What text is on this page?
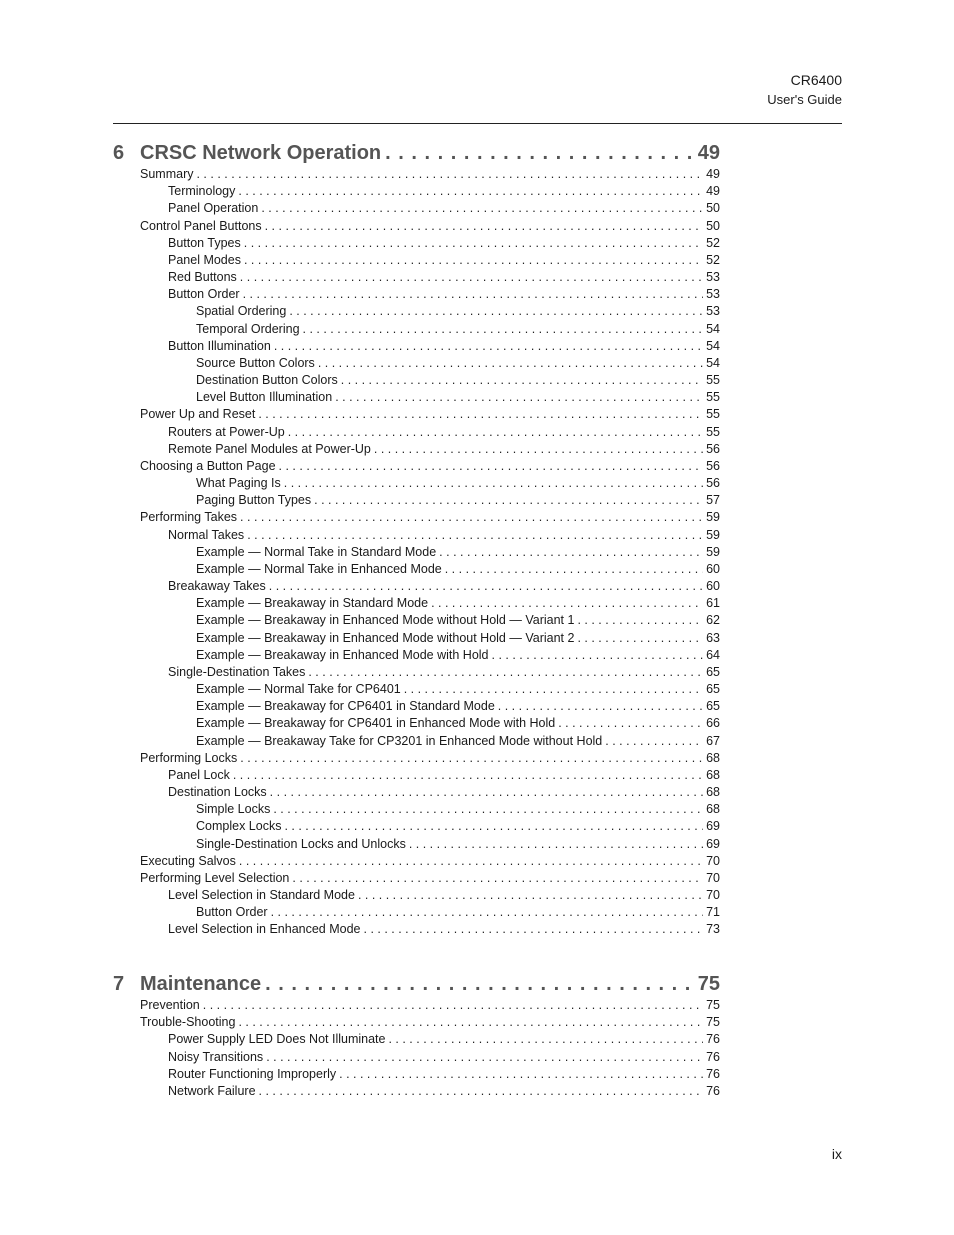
CR6400
User's Guide
6 CRSC Network Operation . . .	49
Summary . . .	49
Terminology . . .	49
Panel Operation . . .	50
Control Panel Buttons . . .	50
Button Types . . .	52
Panel Modes . . .	52
Red Buttons . . .	53
Button Order . . .	53
Spatial Ordering . . .	53
Temporal Ordering . . .	54
Button Illumination . . .	54
Source Button Colors . . .	54
Destination Button Colors . . .	55
Level Button Illumination . . .	55
Power Up and Reset . . .	55
Routers at Power-Up . . .	55
Remote Panel Modules at Power-Up . . .	56
Choosing a Button Page . . .	56
What Paging Is . . .	56
Paging Button Types . . .	57
Performing Takes . . .	59
Normal Takes . . .	59
Example — Normal Take in Standard Mode . . .	59
Example — Normal Take in Enhanced Mode . . .	60
Breakaway Takes . . .	60
Example — Breakaway in Standard Mode . . .	61
Example — Breakaway in Enhanced Mode without Hold — Variant 1 . . .	62
Example — Breakaway in Enhanced Mode without Hold — Variant 2 . . .	63
Example — Breakaway in Enhanced Mode with Hold . . .	64
Single-Destination Takes . . .	65
Example — Normal Take for CP6401 . . .	65
Example — Breakaway for CP6401 in Standard Mode . . .	65
Example — Breakaway for CP6401 in Enhanced Mode with Hold . . .	66
Example — Breakaway Take for CP3201 in Enhanced Mode without Hold . . .	67
Performing Locks . . .	68
Panel Lock . . .	68
Destination Locks . . .	68
Simple Locks . . .	68
Complex Locks . . .	69
Single-Destination Locks and Unlocks . . .	69
Executing Salvos . . .	70
Performing Level Selection . . .	70
Level Selection in Standard Mode . . .	70
Button Order . . .	71
Level Selection in Enhanced Mode . . .	73
7 Maintenance . . .	75
Prevention . . .	75
Trouble-Shooting . . .	75
Power Supply LED Does Not Illuminate . . .	76
Noisy Transitions . . .	76
Router Functioning Improperly . . .	76
Network Failure . . .	76
ix
